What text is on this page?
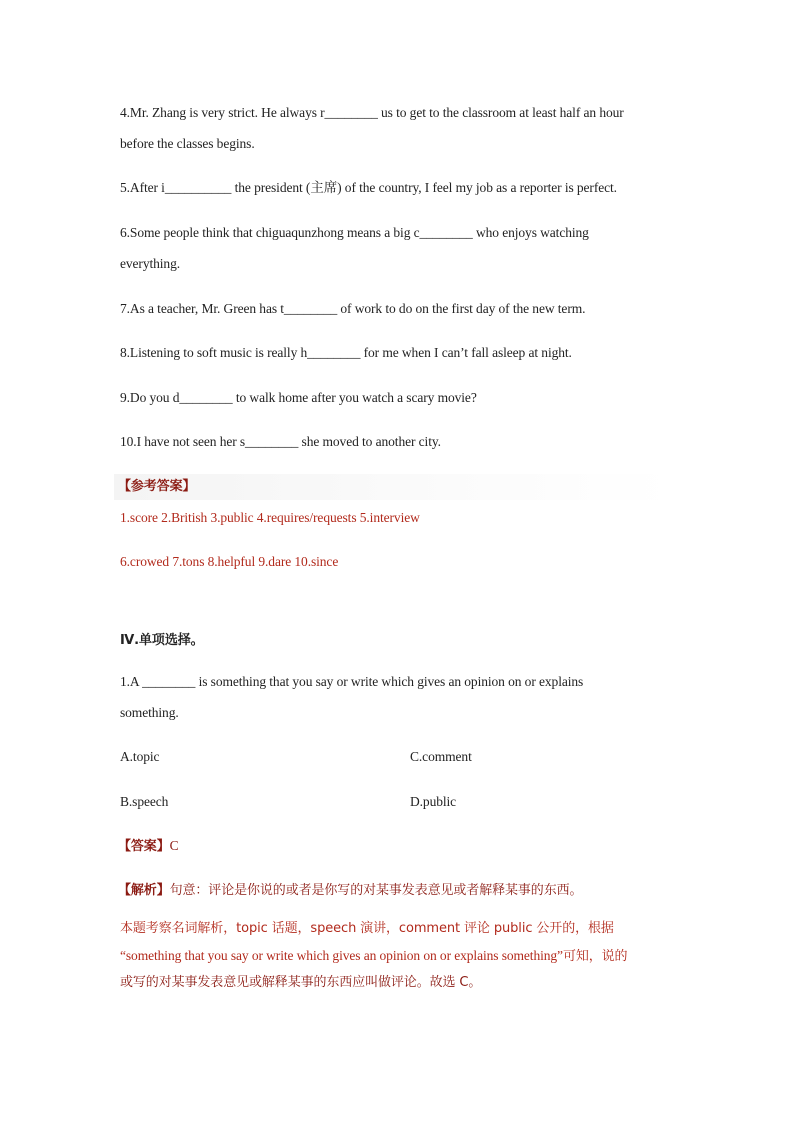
4.Mr. Zhang is very strict. He always r________ us to get to the classroom at least half an hour
before the classes begins.
5.After i__________ the president (主席) of the country, I feel my job as a reporter is perfect.
6.Some people think that chiguaqunzhong means a big c________ who enjoys watching
everything.
7.As a teacher, Mr. Green has t________ of work to do on the first day of the new term.
8.Listening to soft music is really h________ for me when I can’t fall asleep at night.
9.Do you d________ to walk home after you watch a scary movie?
10.I have not seen her s________ she moved to another city.
【参考答案】
1.score 2.British 3.public 4.requires/requests 5.interview
6.crowed 7.tons 8.helpful 9.dare 10.since
Ⅳ.单项选择。
1.A ________ is something that you say or write which gives an opinion on or explains
something.
A.topic	C.comment
B.speech	D.public
【答案】C
【解析】句意：评论是你说的或者是你写的对某事发表意见或者解释某事的东西。
本题考察名词解析，topic 话题，speech 演讲，comment 评论 public 公开的，根据
“something that you say or write which gives an opinion on or explains something”可知，说的
或写的对某事发表意见或解释某事的东西应叫做评论。故选 C。
